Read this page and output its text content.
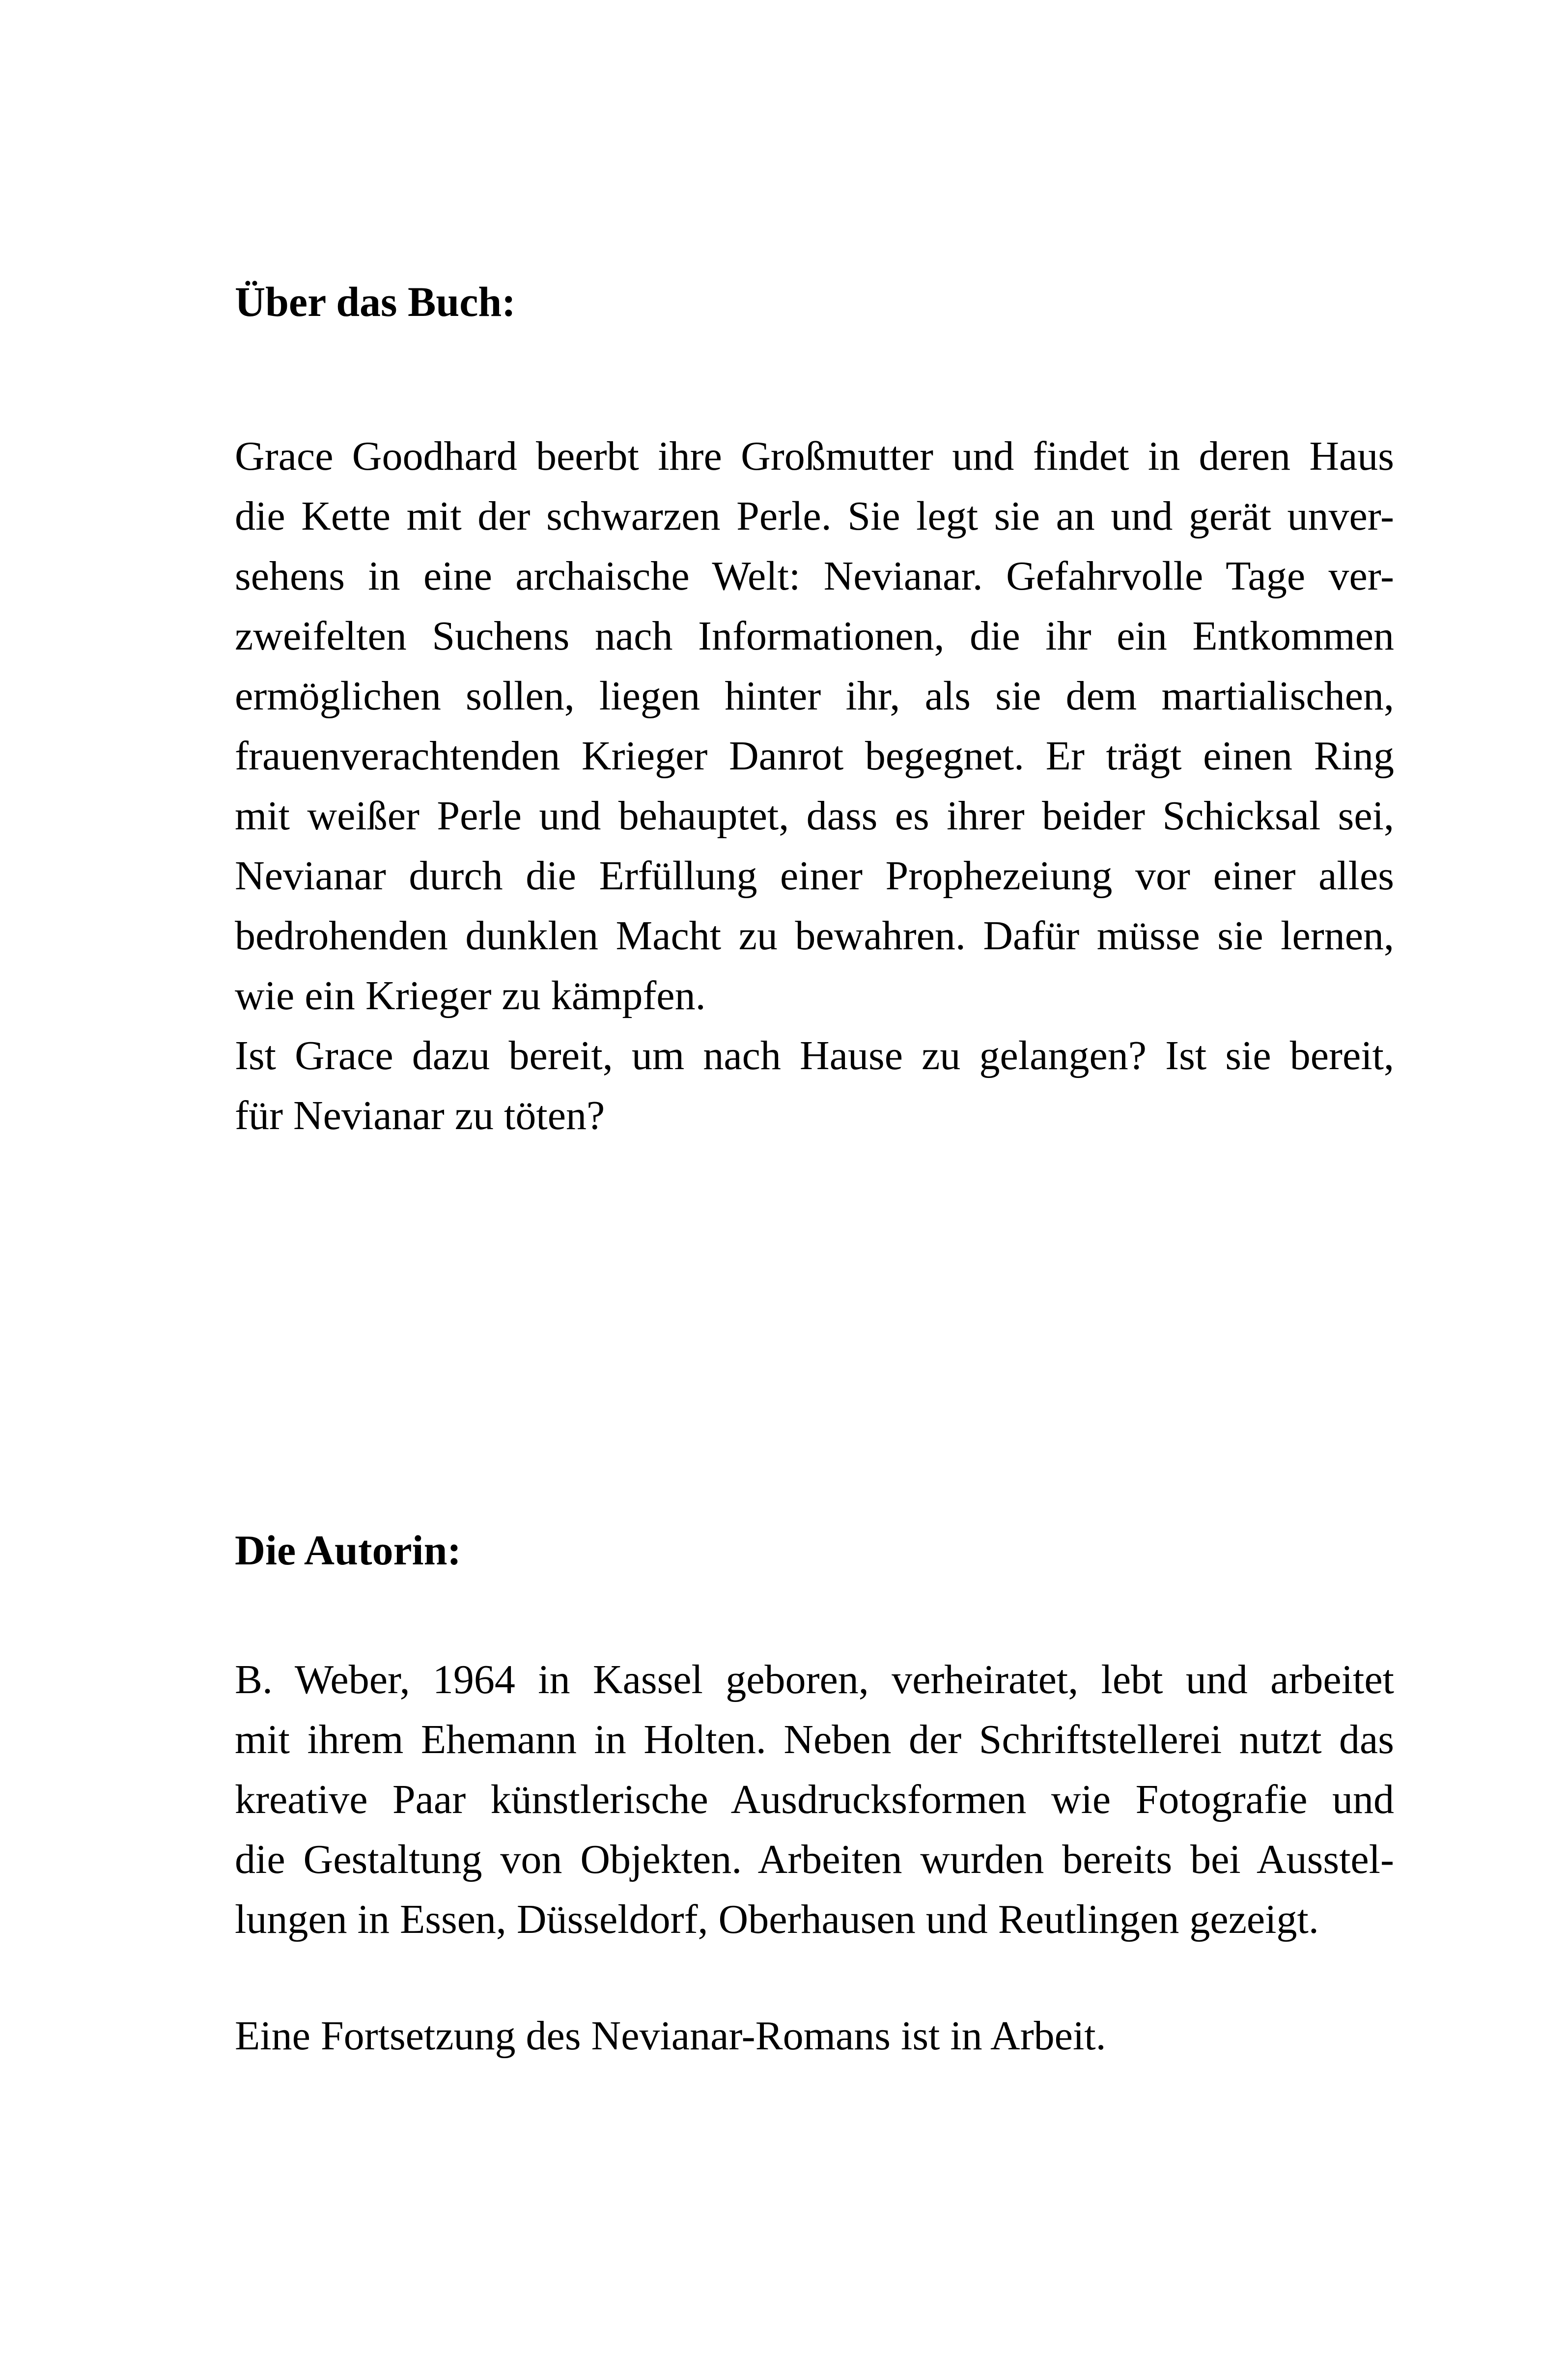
Über das Buch:
Grace Goodhard beerbt ihre Großmutter und findet in deren Haus
die Kette mit der schwarzen Perle. Sie legt sie an und gerät unver-
sehens in eine archaische Welt: Nevianar. Gefahrvolle Tage ver-
zweifelten Suchens nach Informationen, die ihr ein Entkommen
ermöglichen sollen, liegen hinter ihr, als sie dem martialischen,
frauenverachtenden Krieger Danrot begegnet. Er trägt einen Ring
mit weißer Perle und behauptet, dass es ihrer beider Schicksal sei,
Nevianar durch die Erfüllung einer Prophezeiung vor einer alles
bedrohenden dunklen Macht zu bewahren. Dafür müsse sie lernen,
wie ein Krieger zu kämpfen.
Ist Grace dazu bereit, um nach Hause zu gelangen? Ist sie bereit,
für Nevianar zu töten?
Die Autorin:
B. Weber, 1964 in Kassel geboren, verheiratet, lebt und arbeitet
mit ihrem Ehemann in Holten. Neben der Schriftstellerei nutzt das
kreative Paar künstlerische Ausdrucksformen wie Fotografie und
die Gestaltung von Objekten. Arbeiten wurden bereits bei Ausstel-
lungen in Essen, Düsseldorf, Oberhausen und Reutlingen gezeigt.
Eine Fortsetzung des Nevianar-Romans ist in Arbeit.
